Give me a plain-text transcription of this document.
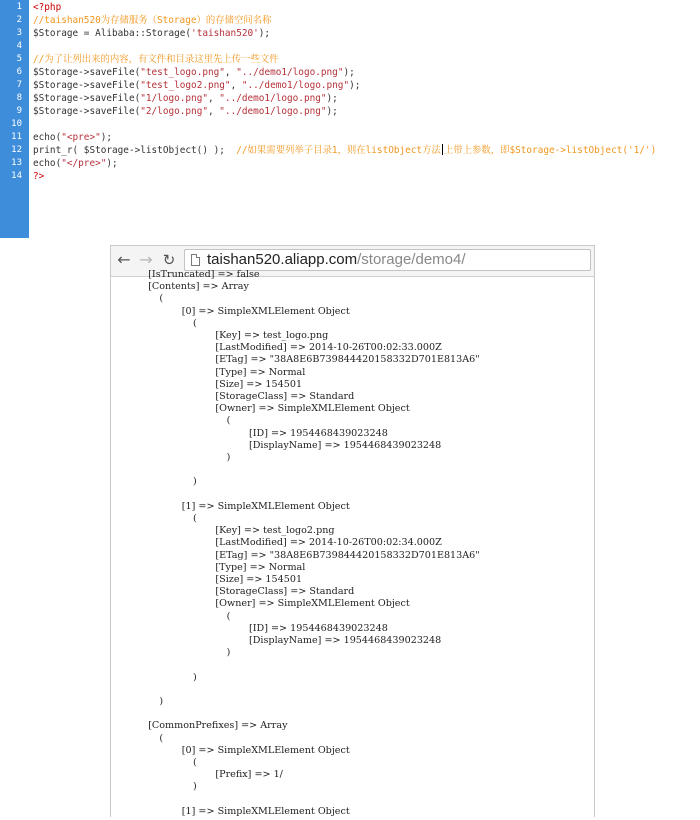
1
2
3
4
5
6
7
8
9
10
11
12
13
14
<?php
//taishan520为存储服务（Storage）的存储空间名称
$Storage = Alibaba::Storage('taishan520');
//为了让列出来的内容，有文件和目录这里先上传一些文件
$Storage->saveFile("test_logo.png", "../demo1/logo.png");
$Storage->saveFile("test_logo2.png", "../demo1/logo.png");
$Storage->saveFile("1/logo.png", "../demo1/logo.png");
$Storage->saveFile("2/logo.png", "../demo1/logo.png");
echo("<pre>");
print_r( $Storage->listObject() );  //如果需要列举子目录1，则在listObject方法 上带上参数，即$Storage->listObject('1/')
echo("</pre>");
?>
← → ↻ taishan520.aliapp.com/storage/demo4/
[IsTruncated] => false
[Contents] => Array
(
[0] => SimpleXMLElement Object
(
[Key] => test_logo.png
[LastModified] => 2014-10-26T00:02:33.000Z
[ETag] => "38A8E6B739844420158332D701E813A6"
[Type] => Normal
[Size] => 154501
[StorageClass] => Standard
[Owner] => SimpleXMLElement Object
(
[ID] => 1954468439023248
[DisplayName] => 1954468439023248
)
)
[1] => SimpleXMLElement Object
(
[Key] => test_logo2.png
[LastModified] => 2014-10-26T00:02:34.000Z
[ETag] => "38A8E6B739844420158332D701E813A6"
[Type] => Normal
[Size] => 154501
[StorageClass] => Standard
[Owner] => SimpleXMLElement Object
(
[ID] => 1954468439023248
[DisplayName] => 1954468439023248
)
)
)
[CommonPrefixes] => Array
(
[0] => SimpleXMLElement Object
(
[Prefix] => 1/
)
[1] => SimpleXMLElement Object
